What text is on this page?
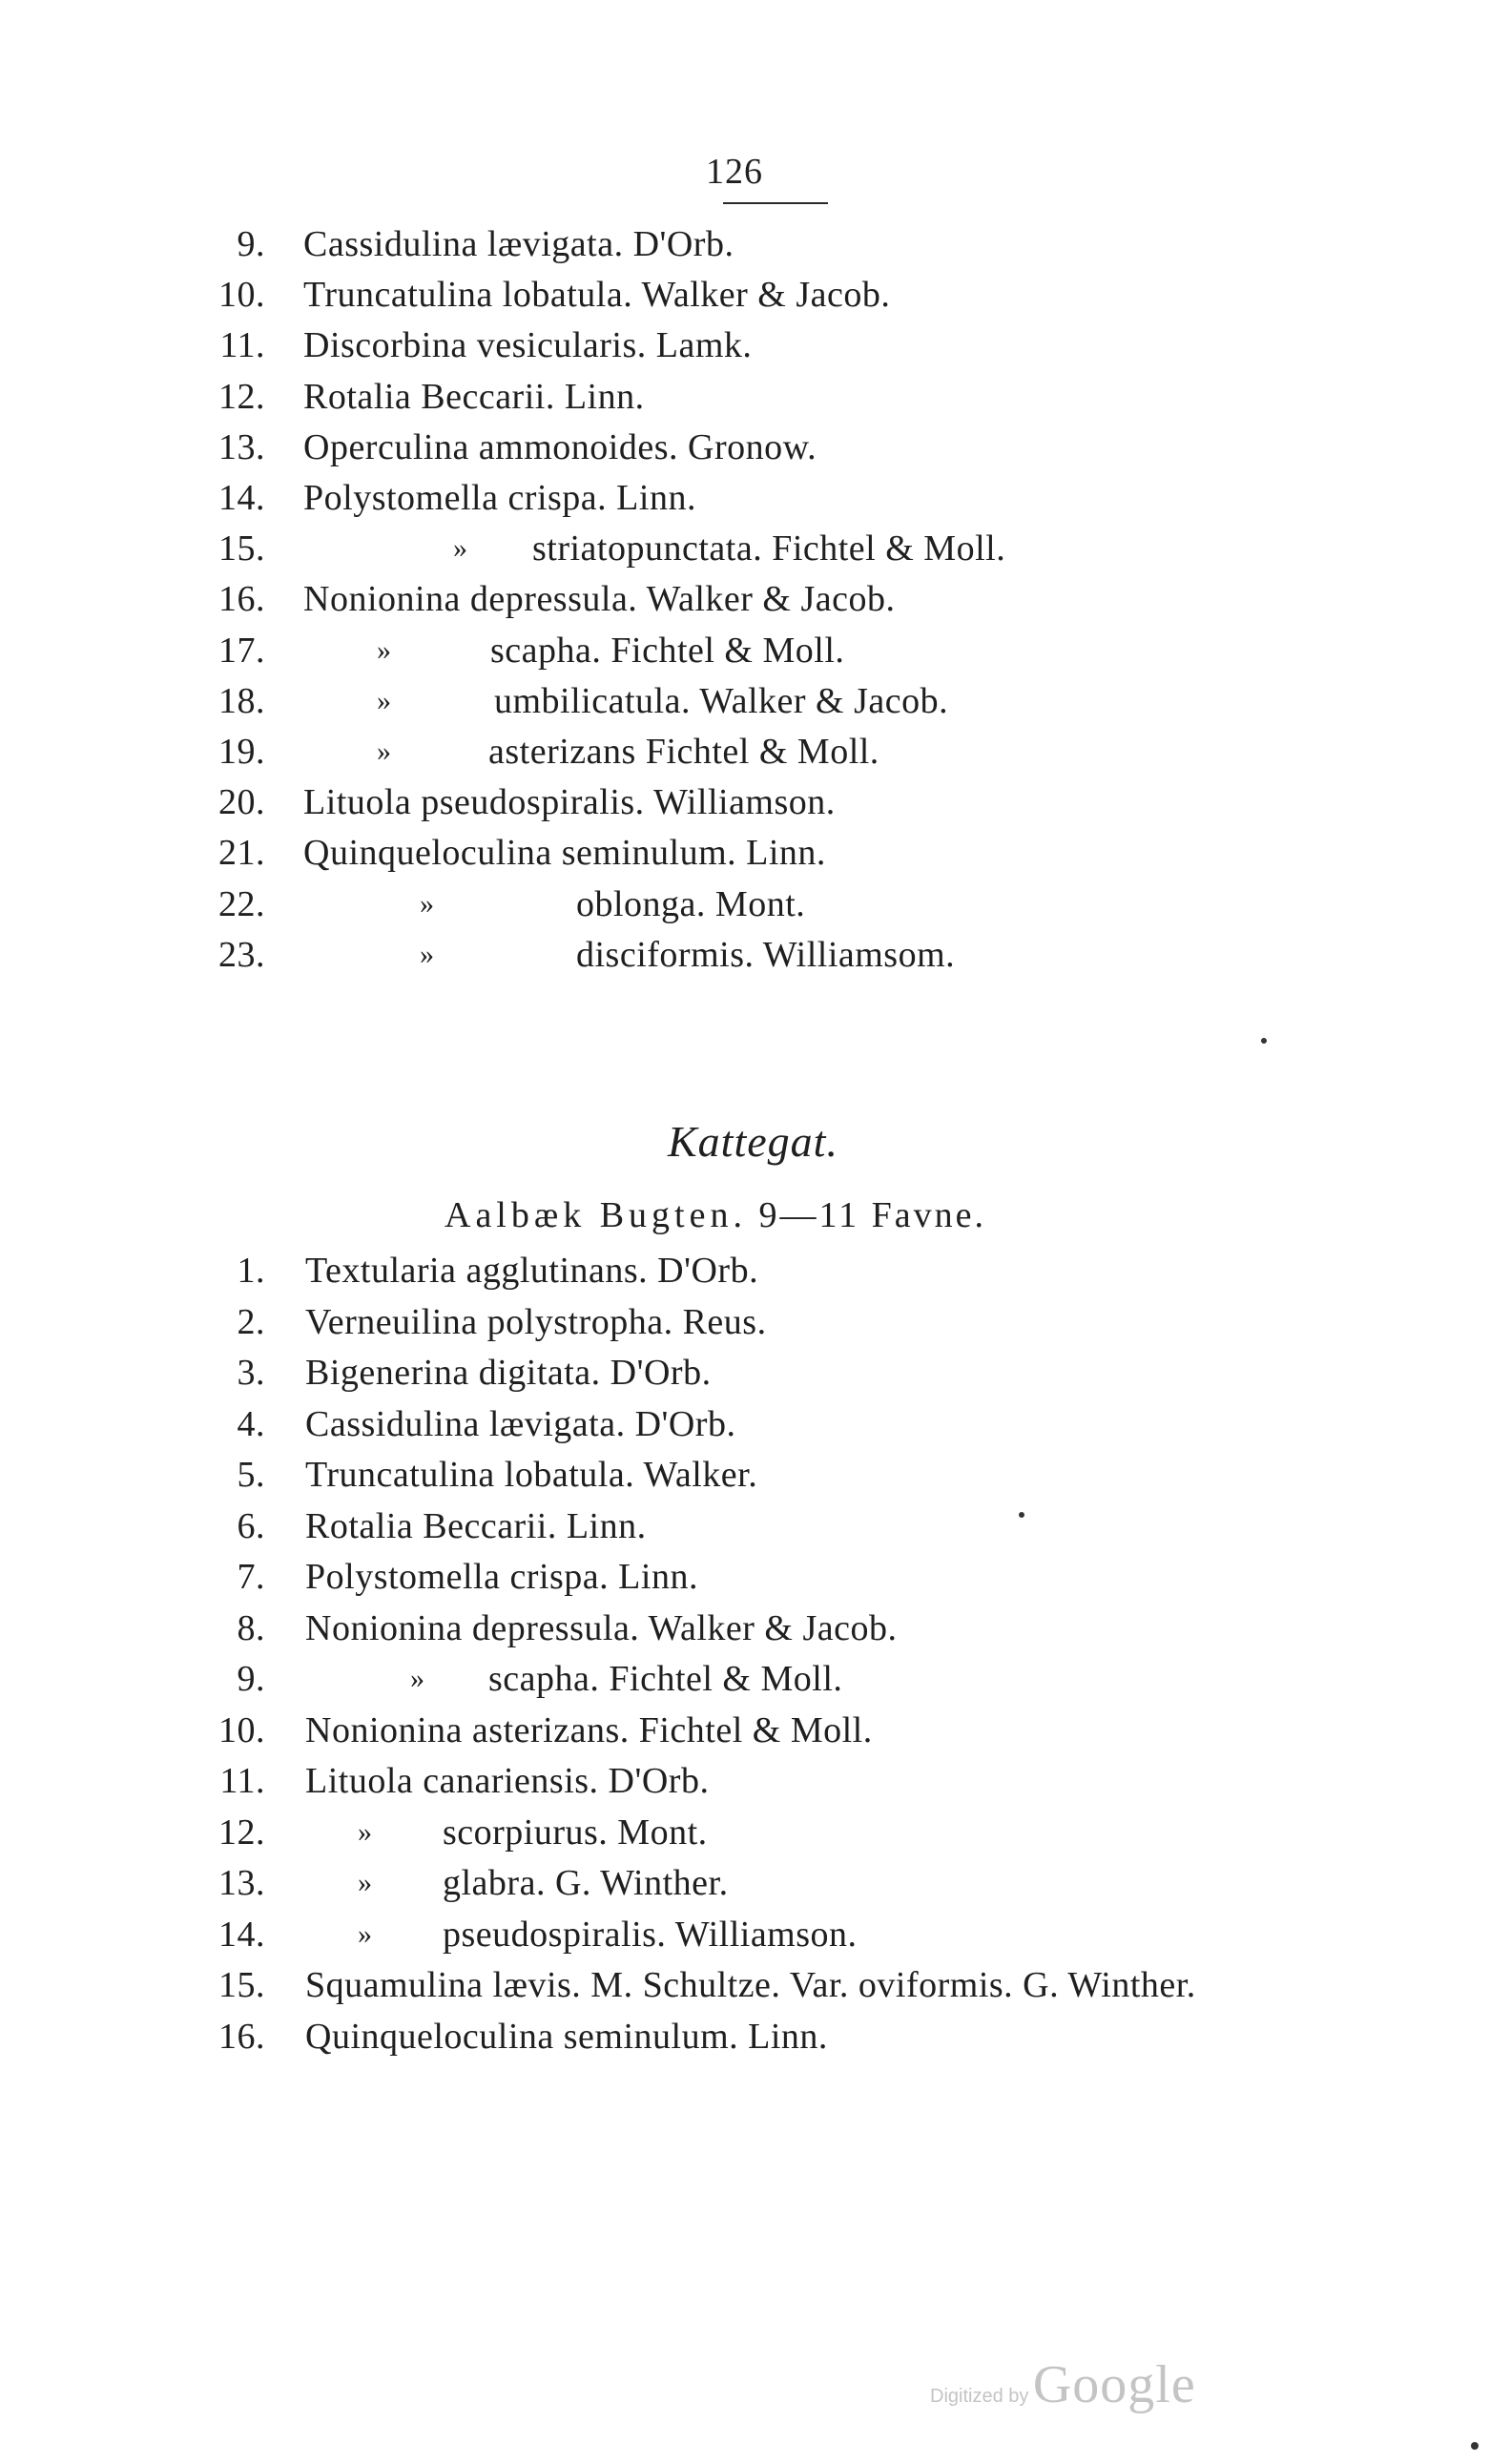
126
9. Cassidulina lævigata. D'Orb.
10. Truncatulina lobatula. Walker & Jacob.
11. Discorbina vesicularis. Lamk.
12. Rotalia Beccarii. Linn.
13. Operculina ammonoides. Gronow.
14. Polystomella crispa. Linn.
15.	» striatopunctata. Fichtel & Moll.
16. Nonionina depressula. Walker & Jacob.
17.	»	scapha. Fichtel & Moll.
18.	»	umbilicatula. Walker & Jacob.
19.	»	asterizans Fichtel & Moll.
20. Lituola pseudospiralis. Williamson.
21. Quinqueloculina seminulum. Linn.
22.	»	oblonga. Mont.
23.	»	disciformis. Williamsom.
Kattegat.
Aalbæk Bugten. 9—11 Favne.
1. Textularia agglutinans. D'Orb.
2. Verneuilina polystropha. Reus.
3. Bigenerina digitata. D'Orb.
4. Cassidulina lævigata. D'Orb.
5. Truncatulina lobatula. Walker.
6. Rotalia Beccarii. Linn.
7. Polystomella crispa. Linn.
8. Nonionina depressula. Walker & Jacob.
9.	» scapha. Fichtel & Moll.
10. Nonionina asterizans. Fichtel & Moll.
11. Lituola canariensis. D'Orb.
12.	» scorpiurus. Mont.
13.	» glabra. G. Winther.
14.	» pseudospiralis. Williamson.
15. Squamulina lævis. M. Schultze. Var. oviformis. G. Winther.
16. Quinqueloculina seminulum. Linn.
Digitized by Google
